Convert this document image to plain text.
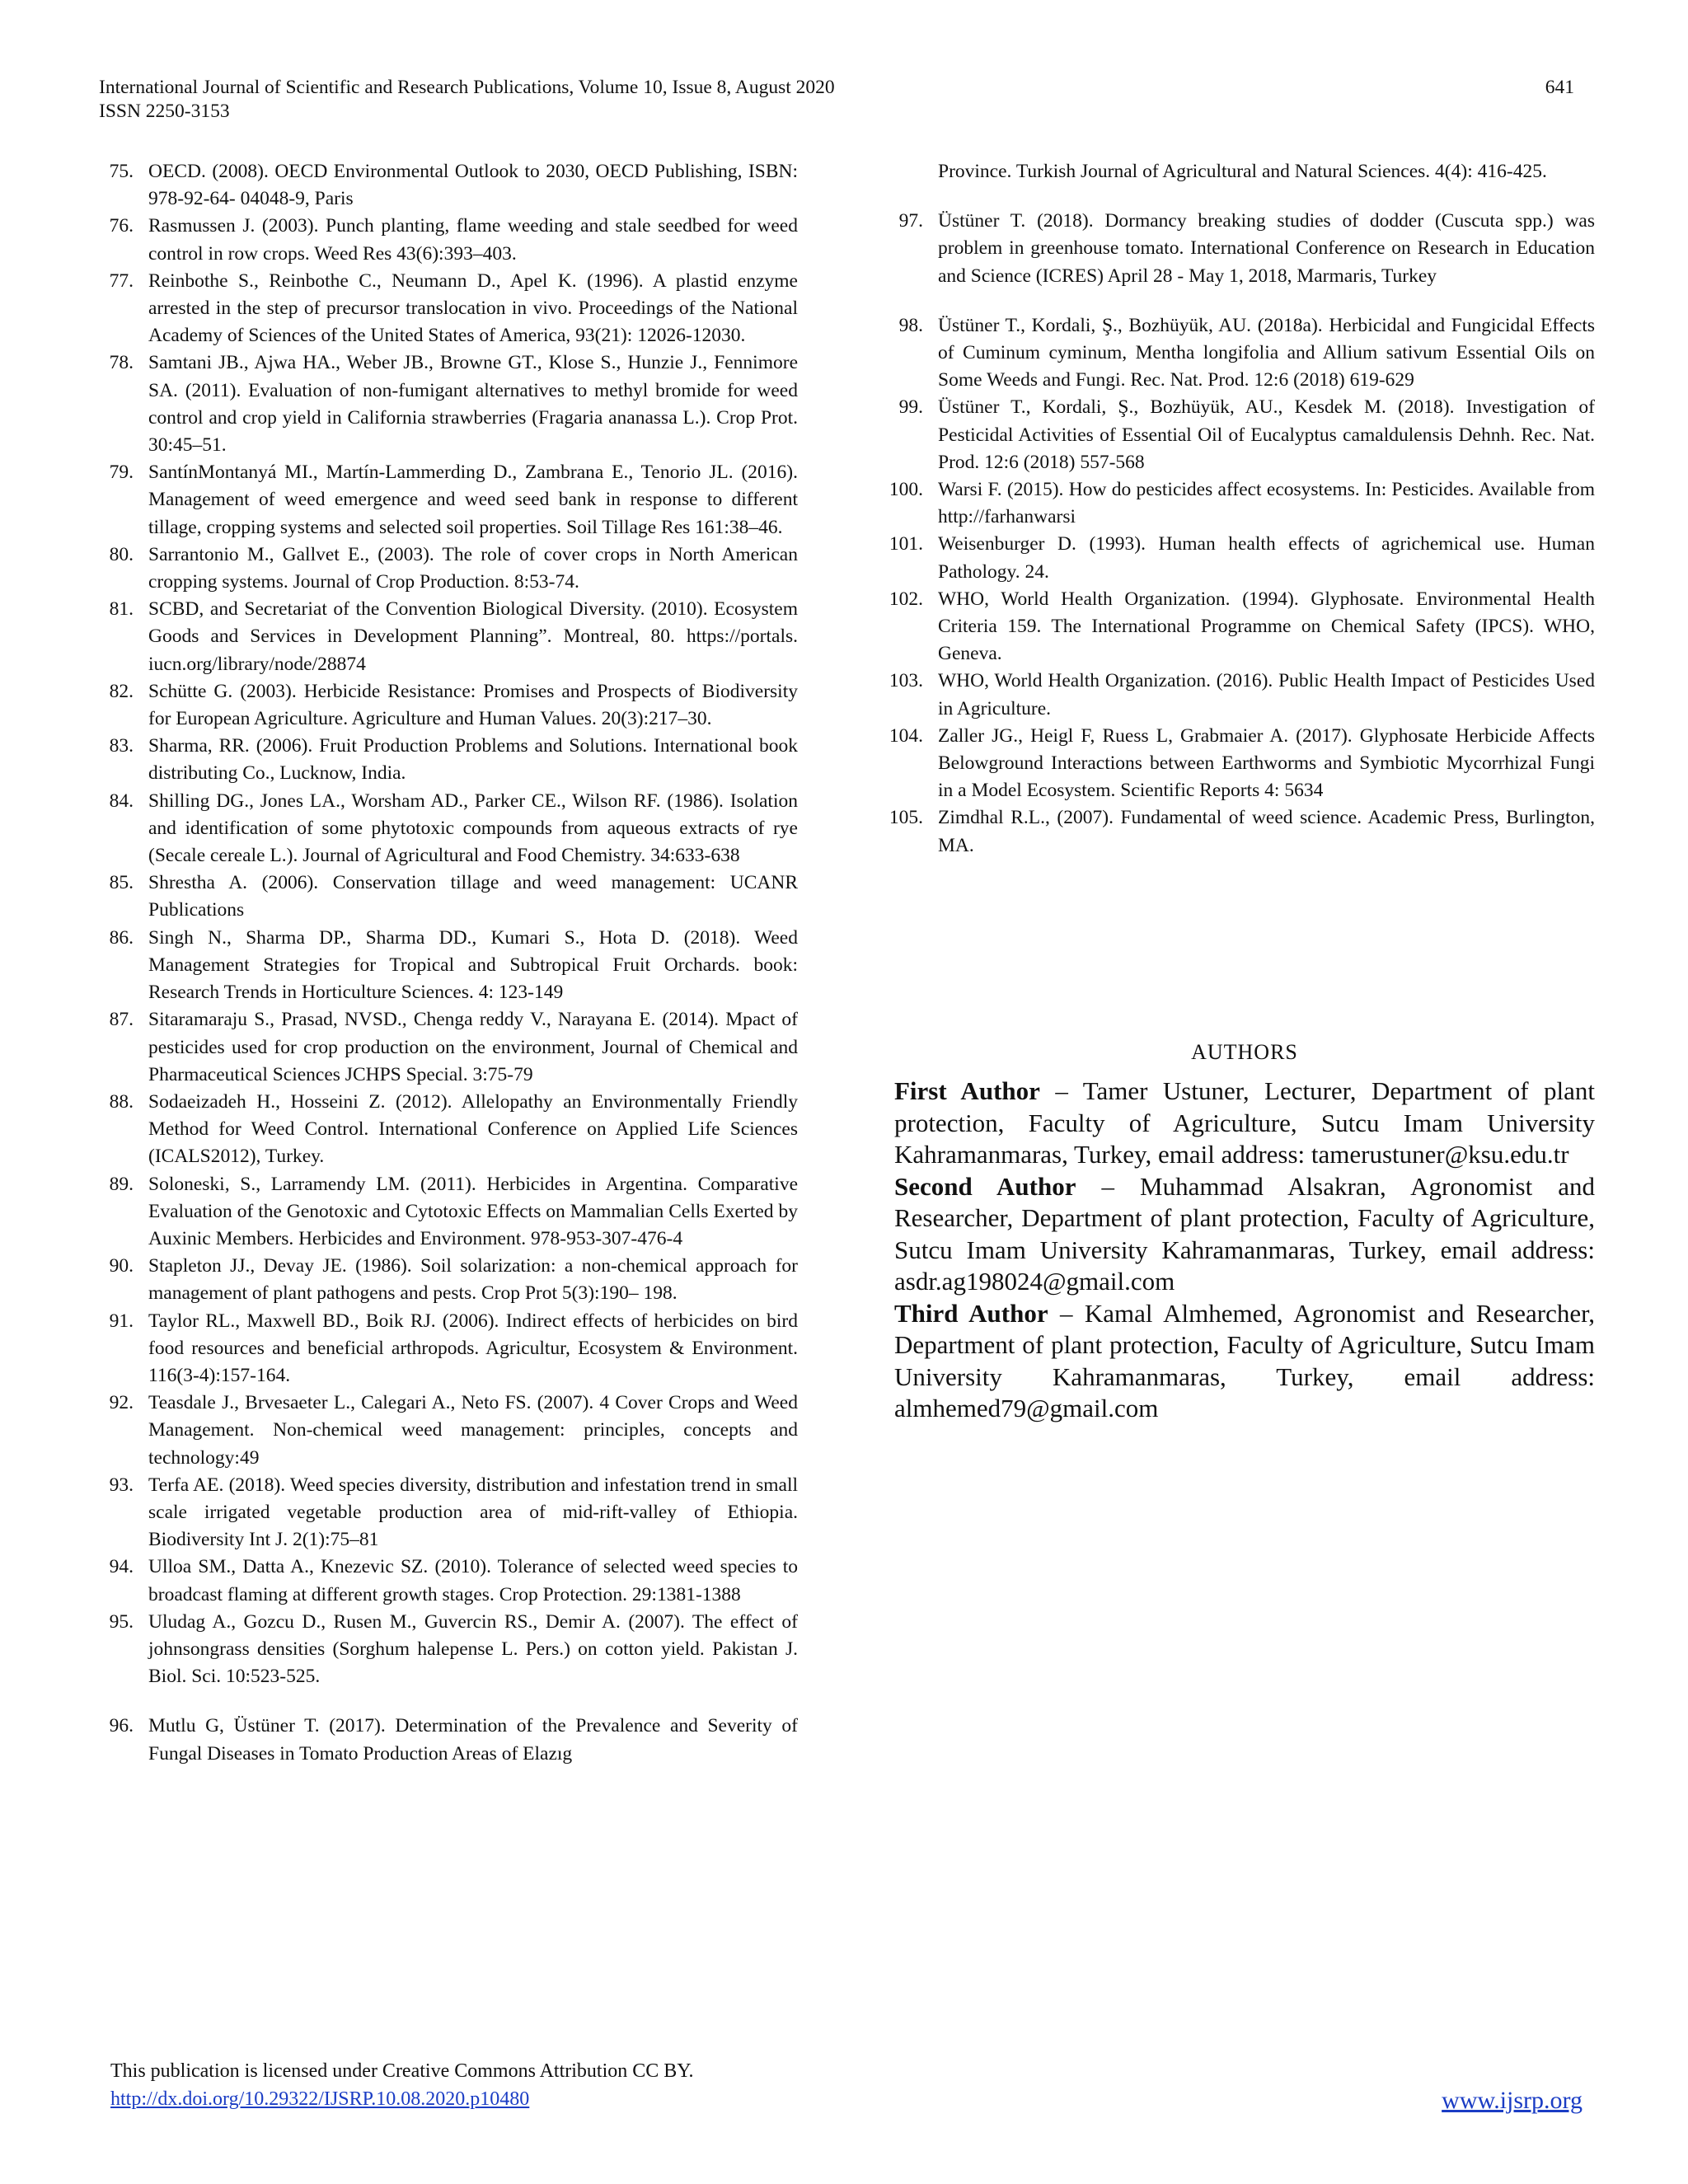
International Journal of Scientific and Research Publications, Volume 10, Issue 8, August 2020
ISSN 2250-3153
641
75. OECD. (2008). OECD Environmental Outlook to 2030, OECD Publishing, ISBN: 978-92-64- 04048-9, Paris
76. Rasmussen J. (2003). Punch planting, flame weeding and stale seedbed for weed control in row crops. Weed Res 43(6):393–403.
77. Reinbothe S., Reinbothe C., Neumann D., Apel K. (1996). A plastid enzyme arrested in the step of precursor translocation in vivo. Proceedings of the National Academy of Sciences of the United States of America, 93(21): 12026-12030.
78. Samtani JB., Ajwa HA., Weber JB., Browne GT., Klose S., Hunzie J., Fennimore SA. (2011). Evaluation of non-fumigant alternatives to methyl bromide for weed control and crop yield in California strawberries (Fragaria ananassa L.). Crop Prot. 30:45–51.
79. SantínMontanyá MI., Martín-Lammerding D., Zambrana E., Tenorio JL. (2016). Management of weed emergence and weed seed bank in response to different tillage, cropping systems and selected soil properties. Soil Tillage Res 161:38–46.
80. Sarrantonio M., Gallvet E., (2003). The role of cover crops in North American cropping systems. Journal of Crop Production. 8:53-74.
81. SCBD, and Secretariat of the Convention Biological Diversity. (2010). Ecosystem Goods and Services in Development Planning”. Montreal, 80. https://portals. iucn.org/library/node/28874
82. Schütte G. (2003). Herbicide Resistance: Promises and Prospects of Biodiversity for European Agriculture. Agriculture and Human Values. 20(3):217–30.
83. Sharma, RR. (2006). Fruit Production Problems and Solutions. International book distributing Co., Lucknow, India.
84. Shilling DG., Jones LA., Worsham AD., Parker CE., Wilson RF. (1986). Isolation and identification of some phytotoxic compounds from aqueous extracts of rye (Secale cereale L.). Journal of Agricultural and Food Chemistry. 34:633-638
85. Shrestha A. (2006). Conservation tillage and weed management: UCANR Publications
86. Singh N., Sharma DP., Sharma DD., Kumari S., Hota D. (2018). Weed Management Strategies for Tropical and Subtropical Fruit Orchards. book: Research Trends in Horticulture Sciences. 4: 123-149
87. Sitaramaraju S., Prasad, NVSD., Chenga reddy V., Narayana E. (2014). Mpact of pesticides used for crop production on the environment, Journal of Chemical and Pharmaceutical Sciences JCHPS Special. 3:75-79
88. Sodaeizadeh H., Hosseini Z. (2012). Allelopathy an Environmentally Friendly Method for Weed Control. International Conference on Applied Life Sciences (ICALS2012), Turkey.
89. Soloneski, S., Larramendy LM. (2011). Herbicides in Argentina. Comparative Evaluation of the Genotoxic and Cytotoxic Effects on Mammalian Cells Exerted by Auxinic Members. Herbicides and Environment. 978-953-307-476-4
90. Stapleton JJ., Devay JE. (1986). Soil solarization: a non-chemical approach for management of plant pathogens and pests. Crop Prot 5(3):190– 198.
91. Taylor RL., Maxwell BD., Boik RJ. (2006). Indirect effects of herbicides on bird food resources and beneficial arthropods. Agricultur, Ecosystem & Environment. 116(3-4):157-164.
92. Teasdale J., Brvesaeter L., Calegari A., Neto FS. (2007). 4 Cover Crops and Weed Management. Non-chemical weed management: principles, concepts and technology:49
93. Terfa AE. (2018). Weed species diversity, distribution and infestation trend in small scale irrigated vegetable production area of mid-rift-valley of Ethiopia. Biodiversity Int J. 2(1):75–81
94. Ulloa SM., Datta A., Knezevic SZ. (2010). Tolerance of selected weed species to broadcast flaming at different growth stages. Crop Protection. 29:1381-1388
95. Uludag A., Gozcu D., Rusen M., Guvercin RS., Demir A. (2007). The effect of johnsongrass densities (Sorghum halepense L. Pers.) on cotton yield. Pakistan J. Biol. Sci. 10:523-525.
96. Mutlu G, Üstüner T. (2017). Determination of the Prevalence and Severity of Fungal Diseases in Tomato Production Areas of Elazıg
Province. Turkish Journal of Agricultural and Natural Sciences. 4(4): 416-425.
97. Üstüner T. (2018). Dormancy breaking studies of dodder (Cuscuta spp.) was problem in greenhouse tomato. International Conference on Research in Education and Science (ICRES) April 28 - May 1, 2018, Marmaris, Turkey
98. Üstüner T., Kordali, Ş., Bozhüyük, AU. (2018a). Herbicidal and Fungicidal Effects of Cuminum cyminum, Mentha longifolia and Allium sativum Essential Oils on Some Weeds and Fungi. Rec. Nat. Prod. 12:6 (2018) 619-629
99. Üstüner T., Kordali, Ş., Bozhüyük, AU., Kesdek M. (2018). Investigation of Pesticidal Activities of Essential Oil of Eucalyptus camaldulensis Dehnh. Rec. Nat. Prod. 12:6 (2018) 557-568
100. Warsi F. (2015). How do pesticides affect ecosystems. In: Pesticides. Available from http://farhanwarsi
101. Weisenburger D. (1993). Human health effects of agrichemical use. Human Pathology. 24.
102. WHO, World Health Organization. (1994). Glyphosate. Environmental Health Criteria 159. The International Programme on Chemical Safety (IPCS). WHO, Geneva.
103. WHO, World Health Organization. (2016). Public Health Impact of Pesticides Used in Agriculture.
104. Zaller JG., Heigl F, Ruess L, Grabmaier A. (2017). Glyphosate Herbicide Affects Belowground Interactions between Earthworms and Symbiotic Mycorrhizal Fungi in a Model Ecosystem. Scientific Reports 4: 5634
105. Zimdhal R.L., (2007). Fundamental of weed science. Academic Press, Burlington, MA.
AUTHORS
First Author – Tamer Ustuner, Lecturer, Department of plant protection, Faculty of Agriculture, Sutcu Imam University Kahramanmaras, Turkey, email address: tamerustuner@ksu.edu.tr
Second Author – Muhammad Alsakran, Agronomist and Researcher, Department of plant protection, Faculty of Agriculture, Sutcu Imam University Kahramanmaras, Turkey, email address: asdr.ag198024@gmail.com
Third Author – Kamal Almhemed, Agronomist and Researcher, Department of plant protection, Faculty of Agriculture, Sutcu Imam University Kahramanmaras, Turkey, email address: almhemed79@gmail.com
This publication is licensed under Creative Commons Attribution CC BY.
http://dx.doi.org/10.29322/IJSRP.10.08.2020.p10480	www.ijsrp.org
